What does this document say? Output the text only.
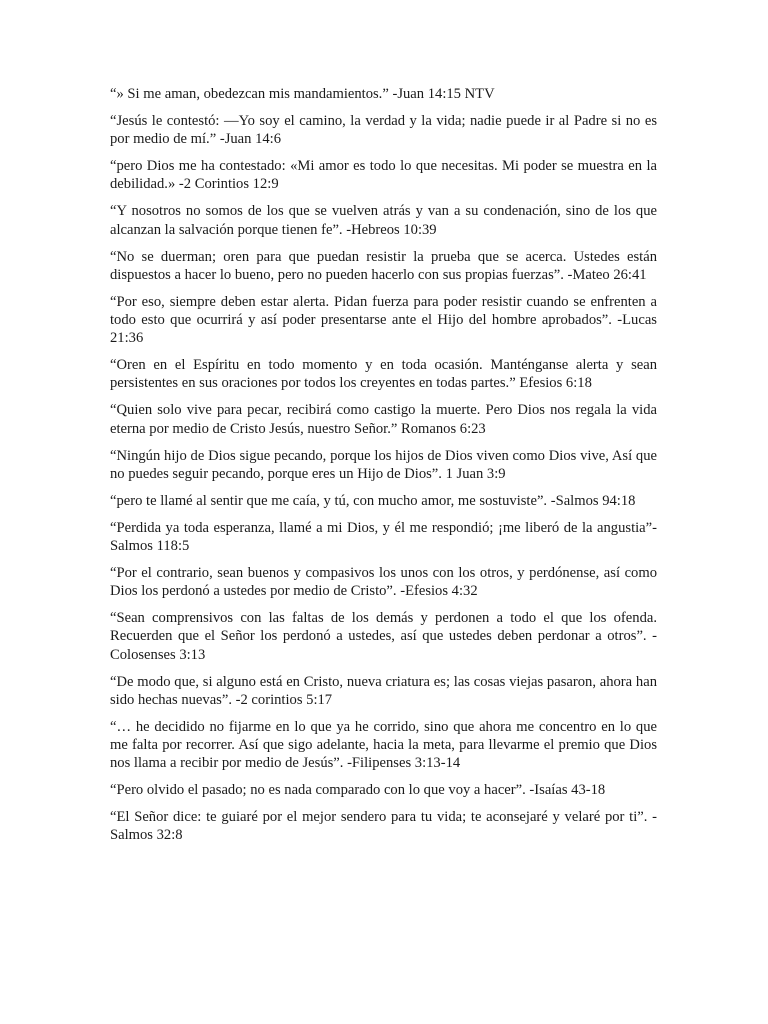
“» Si me aman, obedezcan mis mandamientos.” -Juan 14:15 NTV

“Jesús le contestó: —Yo soy el camino, la verdad y la vida; nadie puede ir al Padre si no es por medio de mí.” -Juan 14:6

“pero Dios me ha contestado: «Mi amor es todo lo que necesitas. Mi poder se muestra en la debilidad.» -2 Corintios 12:9

“Y nosotros no somos de los que se vuelven atrás y van a su condenación, sino de los que alcanzan la salvación porque tienen fe”. -Hebreos 10:39

“No se duerman; oren para que puedan resistir la prueba que se acerca. Ustedes están dispuestos a hacer lo bueno, pero no pueden hacerlo con sus propias fuerzas”. -Mateo 26:41

“Por eso, siempre deben estar alerta. Pidan fuerza para poder resistir cuando se enfrenten a todo esto que ocurrirá y así poder presentarse ante el Hijo del hombre aprobados”. -Lucas 21:36

“Oren en el Espíritu en todo momento y en toda ocasión. Manténganse alerta y sean persistentes en sus oraciones por todos los creyentes en todas partes.” Efesios 6:18

“Quien solo vive para pecar, recibirá como castigo la muerte. Pero Dios nos regala la vida eterna por medio de Cristo Jesús, nuestro Señor.” Romanos 6:23

“Ningún hijo de Dios sigue pecando, porque los hijos de Dios viven como Dios vive, Así que no puedes seguir pecando, porque eres un Hijo de Dios”. 1 Juan 3:9

“pero te llamé al sentir que me caía, y tú, con mucho amor, me sostuviste”. -Salmos 94:18

“Perdida ya toda esperanza, llamé a mi Dios, y él me respondió; ¡me liberó de la angustia”- Salmos 118:5

“Por el contrario, sean buenos y compasivos los unos con los otros, y perdónense, así como Dios los perdonó a ustedes por medio de Cristo”. -Efesios 4:32

“Sean comprensivos con las faltas de los demás y perdonen a todo el que los ofenda. Recuerden que el Señor los perdonó a ustedes, así que ustedes deben perdonar a otros”. -Colosenses 3:13

“De modo que, si alguno está en Cristo, nueva criatura es; las cosas viejas pasaron, ahora han sido hechas nuevas”. -2 corintios 5:17

“… he decidido no fijarme en lo que ya he corrido, sino que ahora me concentro en lo que me falta por recorrer. Así que sigo adelante, hacia la meta, para llevarme el premio que Dios nos llama a recibir por medio de Jesús”. -Filipenses 3:13-14

“Pero olvido el pasado; no es nada comparado con lo que voy a hacer”. -Isaías 43-18

“El Señor dice: te guiaré por el mejor sendero para tu vida; te aconsejaré y velaré por ti”. -Salmos 32:8
